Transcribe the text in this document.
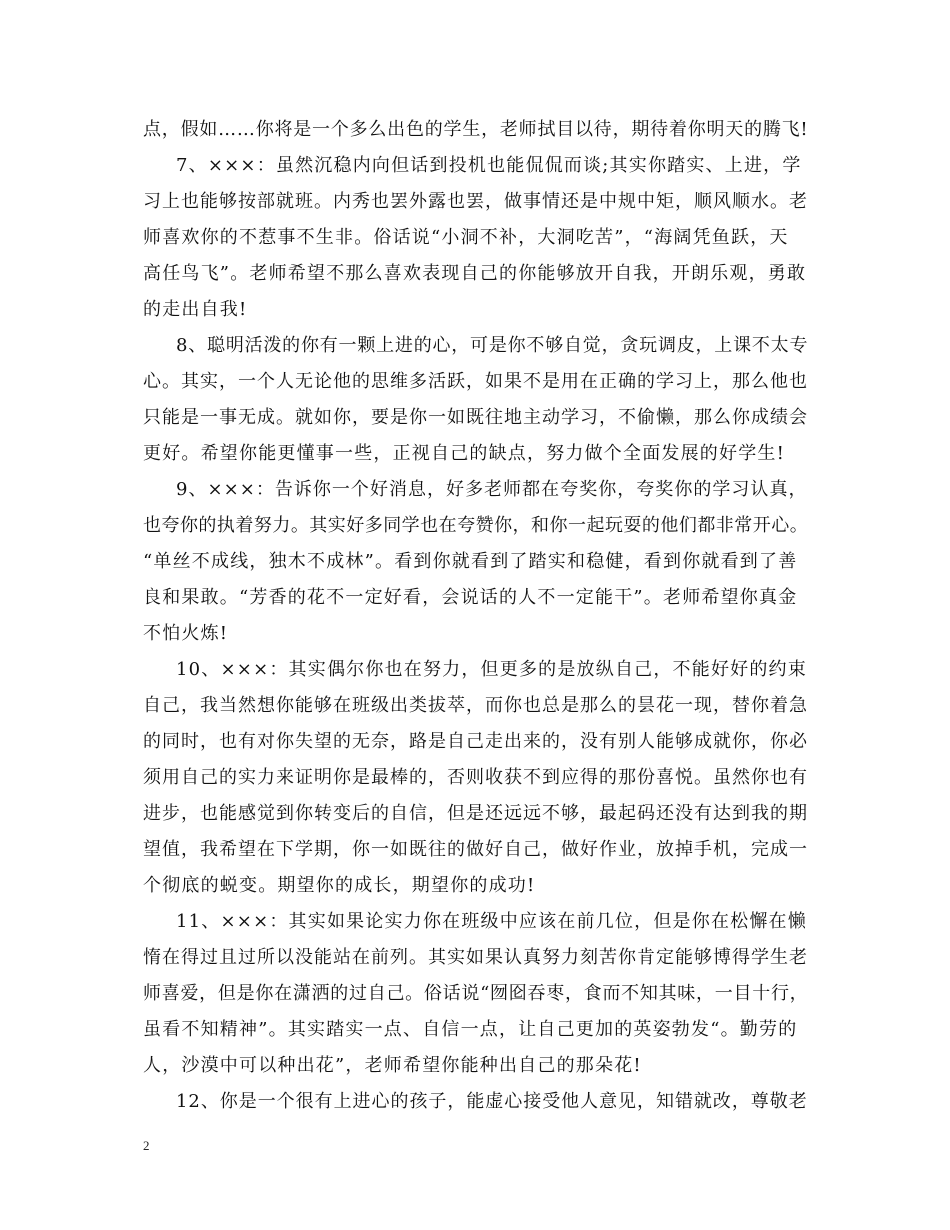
点，假如……你将是一个多么出色的学生，老师拭目以待，期待着你明天的腾飞!
7、×××：虽然沉稳内向但话到投机也能侃侃而谈;其实你踏实、上进，学
习上也能够按部就班。内秀也罢外露也罢，做事情还是中规中矩，顺风顺水。老
师喜欢你的不惹事不生非。俗话说“小洞不补，大洞吃苦”，“海阔凭鱼跃，天
高任鸟飞”。老师希望不那么喜欢表现自己的你能够放开自我，开朗乐观，勇敢
的走出自我!
8、聪明活泼的你有一颗上进的心，可是你不够自觉，贪玩调皮，上课不太专
心。其实，一个人无论他的思维多活跃，如果不是用在正确的学习上，那么他也
只能是一事无成。就如你，要是你一如既往地主动学习，不偷懒，那么你成绩会
更好。希望你能更懂事一些，正视自己的缺点，努力做个全面发展的好学生!
9、×××：告诉你一个好消息，好多老师都在夸奖你，夸奖你的学习认真，
也夸你的执着努力。其实好多同学也在夸赞你，和你一起玩耍的他们都非常开心。
“单丝不成线，独木不成林”。看到你就看到了踏实和稳健，看到你就看到了善
良和果敢。“芳香的花不一定好看，会说话的人不一定能干”。老师希望你真金
不怕火炼!
10、×××：其实偶尔你也在努力，但更多的是放纵自己，不能好好的约束
自己，我当然想你能够在班级出类拔萃，而你也总是那么的昙花一现，替你着急
的同时，也有对你失望的无奈，路是自己走出来的，没有别人能够成就你，你必
须用自己的实力来证明你是最棒的，否则收获不到应得的那份喜悦。虽然你也有
进步，也能感觉到你转变后的自信，但是还远远不够，最起码还没有达到我的期
望值，我希望在下学期，你一如既往的做好自己，做好作业，放掉手机，完成一
个彻底的蜕变。期望你的成长，期望你的成功!
11、×××：其实如果论实力你在班级中应该在前几位，但是你在松懈在懒
惰在得过且过所以没能站在前列。其实如果认真努力刻苦你肯定能够博得学生老
师喜爱，但是你在潇洒的过自己。俗话说“囫囵吞枣，食而不知其味，一目十行，
虽看不知精神”。其实踏实一点、自信一点，让自己更加的英姿勃发“。勤劳的
人，沙漠中可以种出花”，老师希望你能种出自己的那朵花!
12、你是一个很有上进心的孩子，能虚心接受他人意见，知错就改，尊敬老
2
